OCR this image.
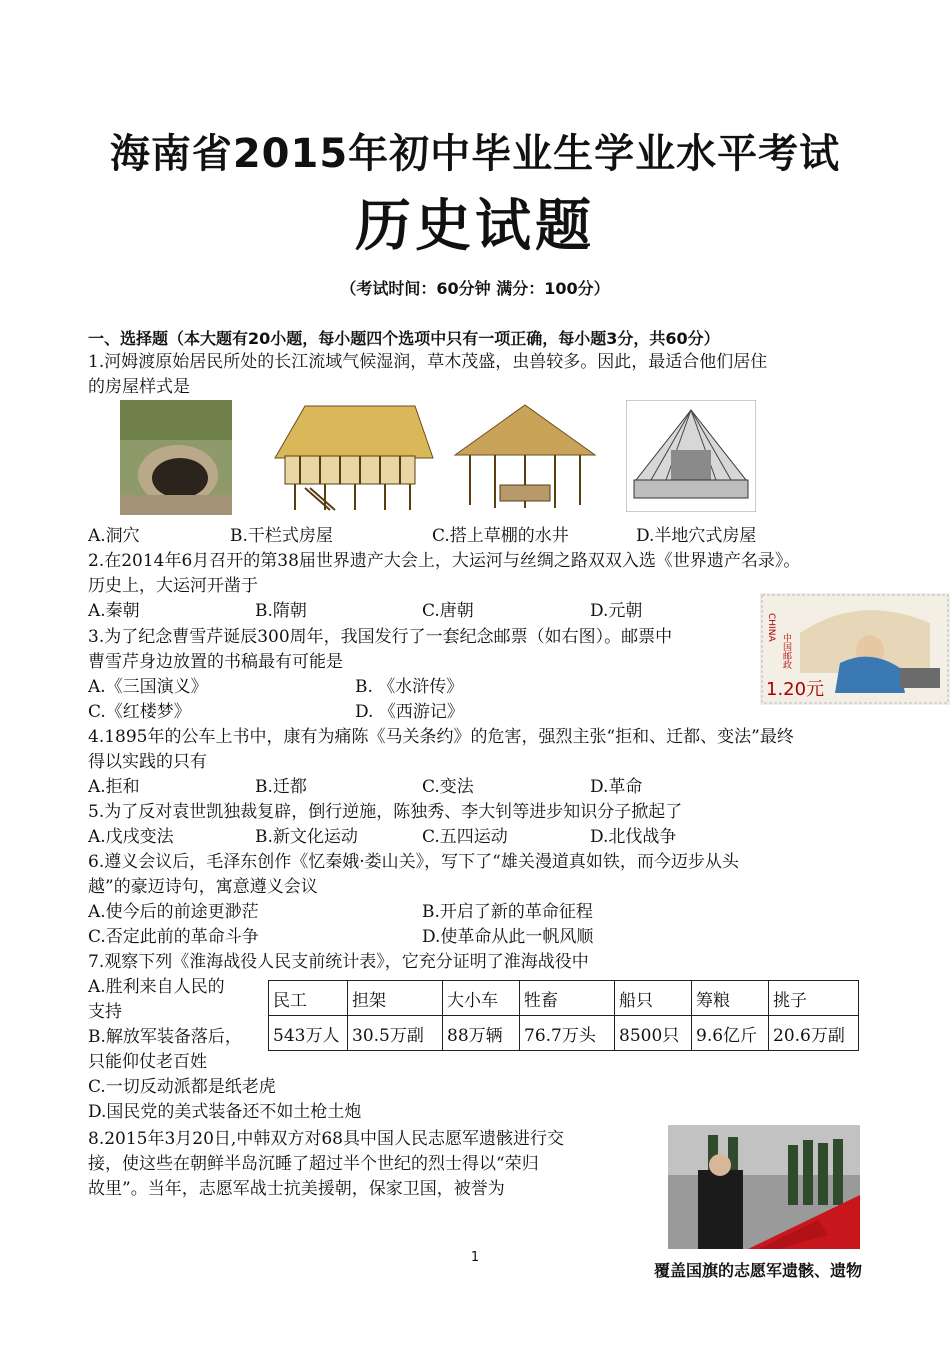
海南省2015年初中毕业生学业水平考试
历史试题
（考试时间：60分钟 满分：100分）
一、选择题（本大题有20小题，每小题四个选项中只有一项正确，每小题3分，共60分）
1.河姆渡原始居民所处的长江流域气候湿润，草木茂盛，虫兽较多。因此，最适合他们居住
的房屋样式是
A.洞穴	B.干栏式房屋	C.搭上草棚的水井	D.半地穴式房屋
2.在2014年6月召开的第38届世界遗产大会上，大运河与丝绸之路双双入选《世界遗产名录》。
历史上，大运河开凿于
A.秦朝	B.隋朝	C.唐朝	D.元朝
CHINA
中国邮政
1.20元
3.为了纪念曹雪芹诞辰300周年，我国发行了一套纪念邮票（如右图）。邮票中
曹雪芹身边放置的书稿最有可能是
A.《三国演义》	B. 《水浒传》
C.《红楼梦》	D. 《西游记》
4.1895年的公车上书中，康有为痛陈《马关条约》的危害，强烈主张“拒和、迁都、变法”最终
得以实践的只有
A.拒和	B.迁都	C.变法	D.革命
5.为了反对袁世凯独裁复辟，倒行逆施，陈独秀、李大钊等进步知识分子掀起了
A.戊戌变法	B.新文化运动	C.五四运动	D.北伐战争
6.遵义会议后，毛泽东创作《忆秦娥·娄山关》，写下了“雄关漫道真如铁，而今迈步从头
越”的豪迈诗句，寓意遵义会议
A.使今后的前途更渺茫	B.开启了新的革命征程
C.否定此前的革命斗争	D.使革命从此一帆风顺
7.观察下列《淮海战役人民支前统计表》，它充分证明了淮海战役中
A.胜利来自人民的
支持
B.解放军装备落后，
只能仰仗老百姓
C.一切反动派都是纸老虎
D.国民党的美式装备还不如土枪土炮
民工	担架	大小车	牲畜	船只	筹粮	挑子
543万人	30.5万副	88万辆	76.7万头	8500只	9.6亿斤	20.6万副
8.2015年3月20日,中韩双方对68具中国人民志愿军遗骸进行交
接，使这些在朝鲜半岛沉睡了超过半个世纪的烈士得以“荣归
故里”。当年，志愿军战士抗美援朝，保家卫国，被誉为
1
覆盖国旗的志愿军遗骸、遗物
